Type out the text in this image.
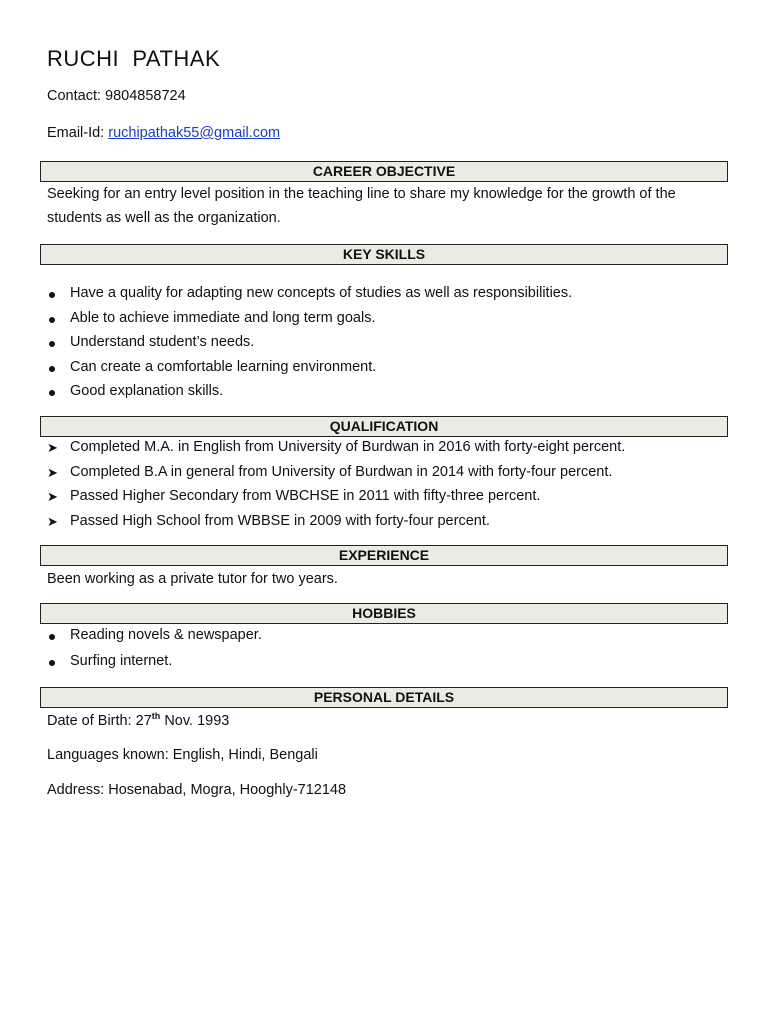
RUCHI  PATHAK
Contact: 9804858724
Email-Id: ruchipathak55@gmail.com
CAREER OBJECTIVE
Seeking for an entry level position in the teaching line to share my knowledge for the growth of the students as well as the organization.
KEY SKILLS
Have a quality for adapting new concepts of studies as well as responsibilities.
Able to achieve immediate and long term goals.
Understand student’s needs.
Can create a comfortable learning environment.
Good explanation skills.
QUALIFICATION
➤ Completed M.A. in English from University of Burdwan in 2016 with forty-eight percent.
➤ Completed B.A in general from University of Burdwan in 2014 with forty-four percent.
➤ Passed Higher Secondary from WBCHSE in 2011 with fifty-three percent.
➤ Passed High School from WBBSE in 2009 with forty-four percent.
EXPERIENCE
Been working as a private tutor for two years.
HOBBIES
Reading novels & newspaper.
Surfing internet.
PERSONAL DETAILS
Date of Birth: 27th Nov. 1993
Languages known: English, Hindi, Bengali
Address: Hosenabad, Mogra, Hooghly-712148
